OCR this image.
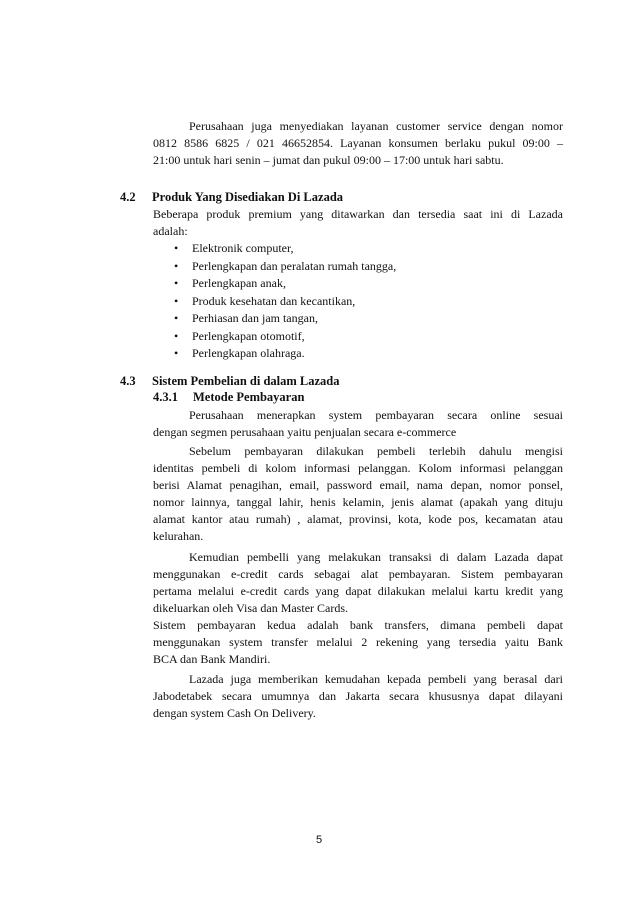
Perusahaan juga menyediakan layanan customer service dengan nomor
0812 8586 6825 / 021 46652854. Layanan konsumen berlaku pukul 09:00 –
21:00 untuk hari senin – jumat dan pukul 09:00 – 17:00 untuk hari sabtu.
4.2 Produk Yang Disediakan Di Lazada
Beberapa produk premium yang ditawarkan dan tersedia saat ini di Lazada
adalah:
• Elektronik computer,
• Perlengkapan dan peralatan rumah tangga,
• Perlengkapan anak,
• Produk kesehatan dan kecantikan,
• Perhiasan dan jam tangan,
• Perlengkapan otomotif,
• Perlengkapan olahraga.
4.3 Sistem Pembelian di dalam Lazada
4.3.1 Metode Pembayaran
Perusahaan menerapkan system pembayaran secara online sesuai
dengan segmen perusahaan yaitu penjualan secara e-commerce
Sebelum pembayaran dilakukan pembeli terlebih dahulu mengisi
identitas pembeli di kolom informasi pelanggan. Kolom informasi pelanggan
berisi Alamat penagihan, email, password email, nama depan, nomor ponsel,
nomor lainnya, tanggal lahir, henis kelamin, jenis alamat (apakah yang dituju
alamat kantor atau rumah) , alamat, provinsi, kota, kode pos, kecamatan atau
kelurahan.
Kemudian pembelli yang melakukan transaksi di dalam Lazada dapat
menggunakan e-credit cards sebagai alat pembayaran. Sistem pembayaran
pertama melalui e-credit cards yang dapat dilakukan melalui kartu kredit yang
dikeluarkan oleh Visa dan Master Cards.
Sistem pembayaran kedua adalah bank transfers, dimana pembeli dapat
menggunakan system transfer melalui 2 rekening yang tersedia yaitu Bank
BCA dan Bank Mandiri.
Lazada juga memberikan kemudahan kepada pembeli yang berasal dari
Jabodetabek secara umumnya dan Jakarta secara khususnya dapat dilayani
dengan system Cash On Delivery.
5
